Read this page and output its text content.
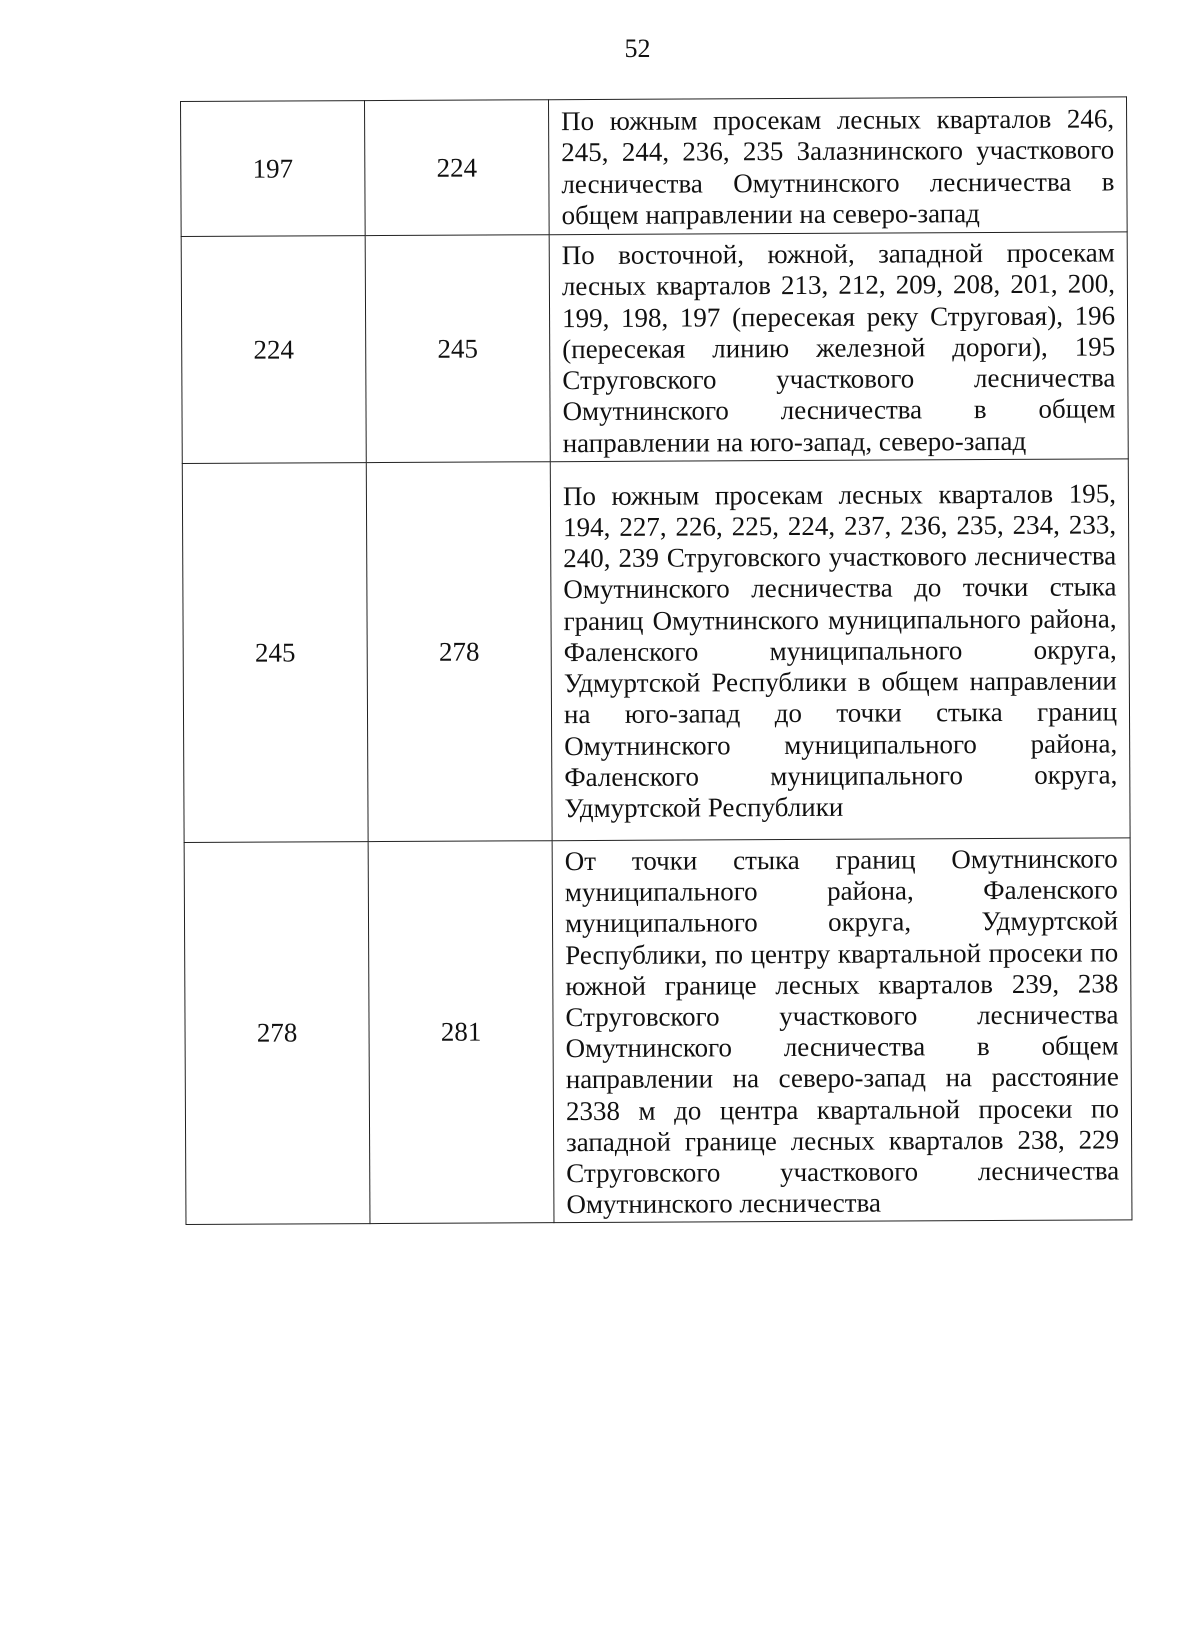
52
197	224	По южным просекам лесных кварталов 246, 245, 244, 236, 235 Залазнинского участкового лесничества Омутнинского лесничества в общем направлении на северо-запад
224	245	По восточной, южной, западной просекам лесных кварталов 213, 212, 209, 208, 201, 200, 199, 198, 197 (пересекая реку Струговая), 196 (пересекая линию железной дороги), 195 Струговского участкового лесничества Омутнинского лесничества в общем направлении на юго-запад, северо-запад
245	278	По южным просекам лесных кварталов 195, 194, 227, 226, 225, 224, 237, 236, 235, 234, 233, 240, 239 Струговского участкового лесничества Омутнинского лесничества до точки стыка границ Омутнинского муниципального района, Фаленского муниципального округа, Удмуртской Республики в общем направлении на юго-запад до точки стыка границ Омутнинского муниципального района, Фаленского муниципального округа, Удмуртской Республики
278	281	От точки стыка границ Омутнинского муниципального района, Фаленского муниципального округа, Удмуртской Республики, по центру квартальной просеки по южной границе лесных кварталов 239, 238 Струговского участкового лесничества Омутнинского лесничества в общем направлении на северо-запад на расстояние 2338 м до центра квартальной просеки по западной границе лесных кварталов 238, 229 Струговского участкового лесничества Омутнинского лесничества
